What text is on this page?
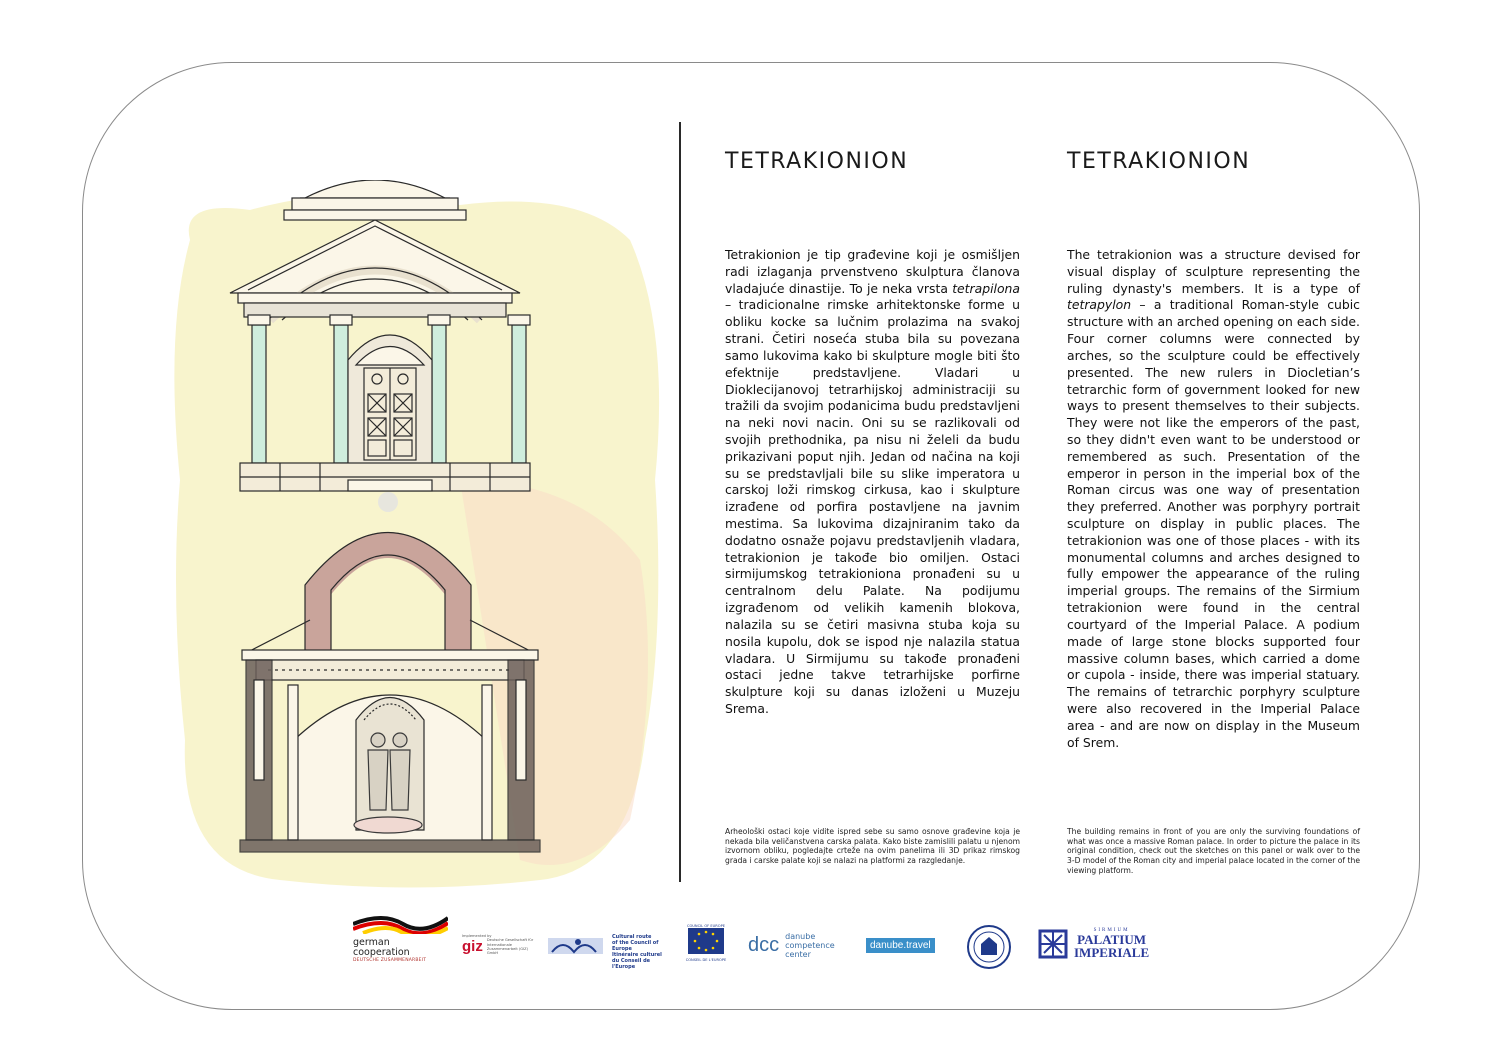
TETRAKIONION
Tetrakionion je tip građevine koji je osmišljen radi izlaganja prvenstveno skulptura članova vladajuće dinastije. To je neka vrsta tetrapilona – tradicionalne rimske arhitektonske forme u obliku kocke sa lučnim prolazima na svakoj strani. Četiri noseća stuba bila su povezana samo lukovima kako bi skulpture mogle biti što efektnije predstavljene. Vladari u Dioklecijanovoj tetrarhijskoj administraciji su tražili da svojim podanicima budu predstavljeni na neki novi nacin. Oni su se razlikovali od svojih prethodnika, pa nisu ni želeli da budu prikazivani poput njih. Jedan od načina na koji su se predstavljali bile su slike imperatora u carskoj loži rimskog cirkusa, kao i skulpture izrađene od porfira postavljene na javnim mestima. Sa lukovima dizajniranim tako da dodatno osnaže pojavu predstavljenih vladara, tetrakionion je takođe bio omiljen. Ostaci sirmijumskog tetrakioniona pronađeni su u centralnom delu Palate. Na podijumu izgrađenom od velikih kamenih blokova, nalazila su se četiri masivna stuba koja su nosila kupolu, dok se ispod nje nalazila statua vladara. U Sirmijumu su takođe pronađeni ostaci jedne takve tetrarhijske porfirne skulpture koji su danas izloženi u Muzeju Srema.
Arheološki ostaci koje vidite ispred sebe su samo osnove građevine koja je nekada bila veličanstvena carska palata. Kako biste zamislili palatu u njenom izvornom obliku, pogledajte crteže na ovim panelima ili 3D prikaz rimskog grada i carske palate koji se nalazi na platformi za razgledanje.
TETRAKIONION
The tetrakionion was a structure devised for visual display of sculpture representing the ruling dynasty's members. It is a type of tetrapylon – a traditional Roman-style cubic structure with an arched opening on each side. Four corner columns were connected by arches, so the sculpture could be effectively presented. The new rulers in Diocletian’s tetrarchic form of government looked for new ways to present themselves to their subjects. They were not like the emperors of the past, so they didn't even want to be understood or remembered as such. Presentation of the emperor in person in the imperial box of the Roman circus was one way of presentation they preferred. Another was porphyry portrait sculpture on display in public places. The tetrakionion was one of those places - with its monumental columns and arches designed to fully empower the appearance of the ruling imperial groups. The remains of the Sirmium tetrakionion were found in the central courtyard of the Imperial Palace. A podium made of large stone blocks supported four massive column bases, which carried a dome or cupola - inside, there was imperial statuary. The remains of tetrarchic porphyry sculpture were also recovered in the Imperial Palace area - and are now on display in the Museum of Srem.
The building remains in front of you are only the surviving foundations of what was once a massive Roman palace. In order to picture the palace in its original condition, check out the sketches on this panel or walk over to the 3-D model of the Roman city and imperial palace located in the corner of the viewing platform.
german
cooperation
DEUTSCHE ZUSAMMENARBEIT
Implemented by
giz Deutsche Gesellschaft für Internationale Zusammenarbeit (GIZ) GmbH
Cultural route
of the Council of Europe
Itinéraire culturel
du Conseil de l'Europe
COUNCIL OF EUROPE
CONSEIL DE L'EUROPE
dcc danube
competence
center
danube.travel
SIRMIUM
PALATIUM
IMPERIALE
